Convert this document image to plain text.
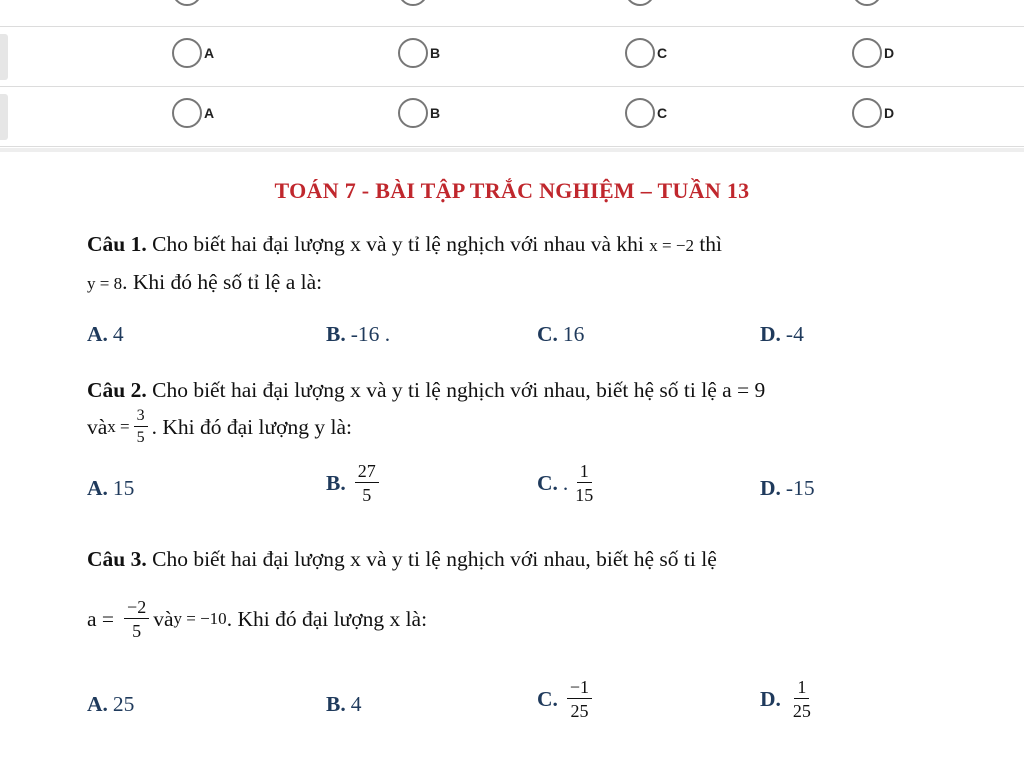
A	B	C	D
A	B	C	D
TOÁN 7 - BÀI TẬP TRẮC NGHIỆM – TUẦN 13
Câu 1. Cho biết hai đại lượng x và y tỉ lệ nghịch với nhau và khi x = −2 thì
y = 8. Khi đó hệ số tỉ lệ a là:
A. 4	B. -16 .	C. 16	D. -4
Câu 2. Cho biết hai đại lượng x và y ti lệ nghịch với nhau, biết hệ số ti lệ a = 9
và $x = \frac{3}{5}$ . Khi đó đại lượng y là:
A. 15	B. $\frac{27}{5}$	C. . $\frac{1}{15}$	D. -15
Câu 3. Cho biết hai đại lượng x và y ti lệ nghịch với nhau, biết hệ số ti lệ
$a = \frac{-2}{5}$ và y = −10 . Khi đó đại lượng x là:
A. 25	B. 4	C. $\frac{-1}{25}$	D. $\frac{1}{25}$
